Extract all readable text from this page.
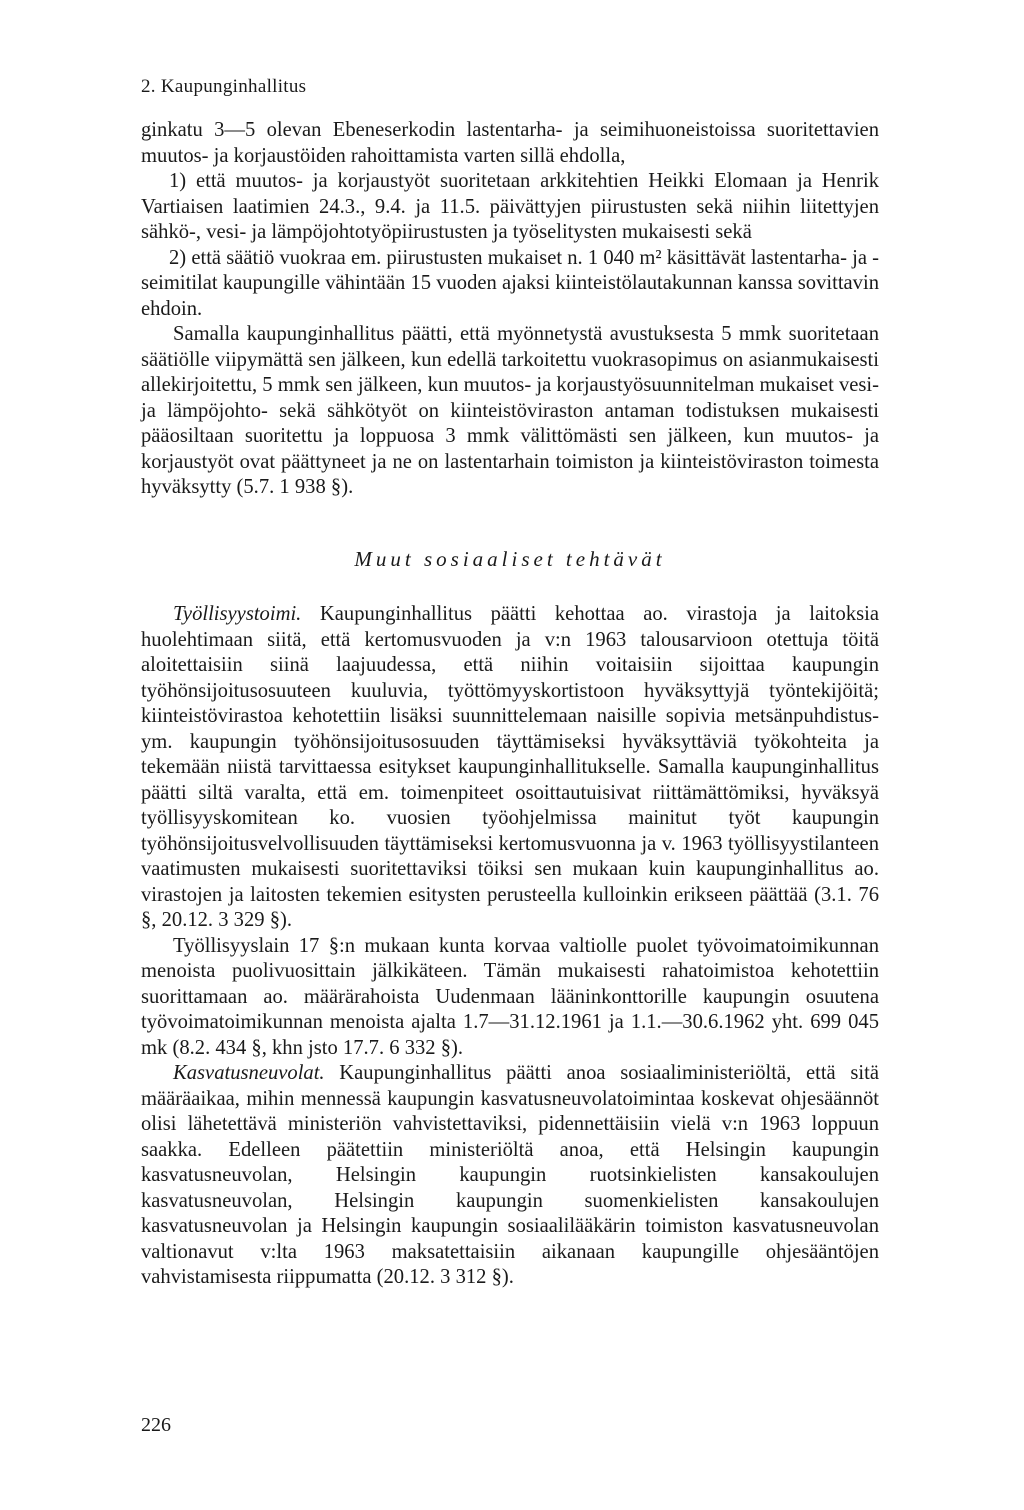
2. Kaupunginhallitus

ginkatu 3—5 olevan Ebeneserkodin lastentarha- ja seimihuoneistoissa suoritettavien muutos- ja korjaustöiden rahoittamista varten sillä ehdolla,

1) että muutos- ja korjaustyöt suoritetaan arkkitehtien Heikki Elomaan ja Henrik Vartiaisen laatimien 24.3., 9.4. ja 11.5. päivättyjen piirustusten sekä niihin liitettyjen sähkö-, vesi- ja lämpöjohtotyöpiirustusten ja työselitysten mukaisesti sekä

2) että säätiö vuokraa em. piirustusten mukaiset n. 1 040 m² käsittävät lastentarha- ja -seimitilat kaupungille vähintään 15 vuoden ajaksi kiinteistölautakunnan kanssa sovittavin ehdoin.

Samalla kaupunginhallitus päätti, että myönnetystä avustuksesta 5 mmk suoritetaan säätiölle viipymättä sen jälkeen, kun edellä tarkoitettu vuokrasopimus on asianmukaisesti allekirjoitettu, 5 mmk sen jälkeen, kun muutos- ja korjaustyösuunnitelman mukaiset vesi- ja lämpöjohto- sekä sähkötyöt on kiinteistöviraston antaman todistuksen mukaisesti pääosiltaan suoritettu ja loppuosa 3 mmk välittömästi sen jälkeen, kun muutos- ja korjaustyöt ovat päättyneet ja ne on lastentarhain toimiston ja kiinteistöviraston toimesta hyväksytty (5.7. 1 938 §).

Muut sosiaaliset tehtävät

Työllisyystoimi. Kaupunginhallitus päätti kehottaa ao. virastoja ja laitoksia huolehtimaan siitä, että kertomusvuoden ja v:n 1963 talousarvioon otettuja töitä aloitettaisiin siinä laajuudessa, että niihin voitaisiin sijoittaa kaupungin työhönsijoitusosuuteen kuuluvia, työttömyyskortistoon hyväksyttyjä työntekijöitä; kiinteistövirastoa kehotettiin lisäksi suunnittelemaan naisille sopivia metsänpuhdistus- ym. kaupungin työhönsijoitusosuuden täyttämiseksi hyväksyttäviä työkohteita ja tekemään niistä tarvittaessa esitykset kaupunginhallitukselle. Samalla kaupunginhallitus päätti siltä varalta, että em. toimenpiteet osoittautuisivat riittämättömiksi, hyväksyä työllisyyskomitean ko. vuosien työohjelmissa mainitut työt kaupungin työhönsijoitusvelvollisuuden täyttämiseksi kertomusvuonna ja v. 1963 työllisyystilanteen vaatimusten mukaisesti suoritettaviksi töiksi sen mukaan kuin kaupunginhallitus ao. virastojen ja laitosten tekemien esitysten perusteella kulloinkin erikseen päättää (3.1. 76 §, 20.12. 3 329 §).

Työllisyyslain 17 §:n mukaan kunta korvaa valtiolle puolet työvoimatoimikunnan menoista puolivuosittain jälkikäteen. Tämän mukaisesti rahatoimistoa kehotettiin suorittamaan ao. määrärahoista Uudenmaan lääninkonttorille kaupungin osuutena työvoimatoimikunnan menoista ajalta 1.7—31.12.1961 ja 1.1.—30.6.1962 yht. 699 045 mk (8.2. 434 §, khn jsto 17.7. 6 332 §).

Kasvatusneuvolat. Kaupunginhallitus päätti anoa sosiaaliministeriöltä, että sitä määräaikaa, mihin mennessä kaupungin kasvatusneuvolatoimintaa koskevat ohjesäännöt olisi lähetettävä ministeriön vahvistettaviksi, pidennettäisiin vielä v:n 1963 loppuun saakka. Edelleen päätettiin ministeriöltä anoa, että Helsingin kaupungin kasvatusneuvolan, Helsingin kaupungin ruotsinkielisten kansakoulujen kasvatusneuvolan, Helsingin kaupungin suomenkielisten kansakoulujen kasvatusneuvolan ja Helsingin kaupungin sosiaalilääkärin toimiston kasvatusneuvolan valtionavut v:lta 1963 maksatettaisiin aikanaan kaupungille ohjesääntöjen vahvistamisesta riippumatta (20.12. 3 312 §).

226
